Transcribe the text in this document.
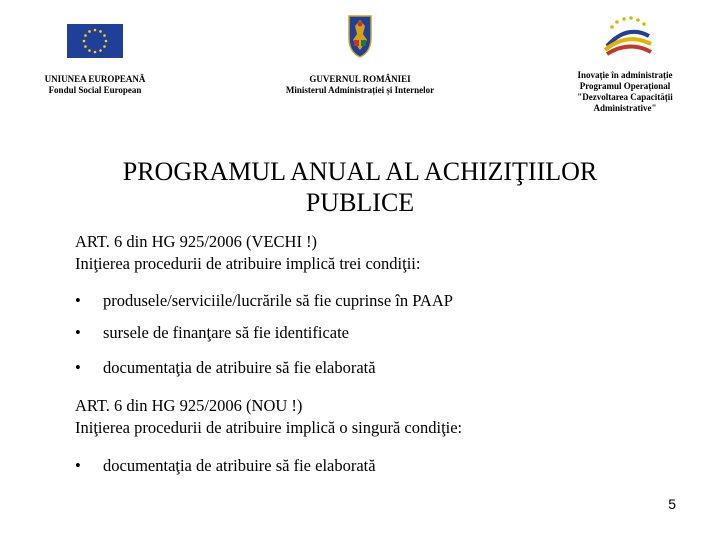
UNIUNEA EUROPEANĂ
Fondul Social European
GUVERNUL ROMÂNIEI
Ministerul Administrației și Internelor
Inovație în administrație
Programul Operațional
"Dezvoltarea Capacității
Administrative"
PROGRAMUL ANUAL AL ACHIZIŢIILOR
PUBLICE
ART. 6 din HG 925/2006 (VECHI !)
Iniţierea procedurii de atribuire implică trei condiţii:
•	produsele/serviciile/lucrările să fie cuprinse în PAAP
•	sursele de finanţare să fie identificate
•	documentaţia de atribuire să fie elaborată
ART. 6 din HG 925/2006 (NOU !)
Iniţierea procedurii de atribuire implică o singură condiţie:
•	documentaţia de atribuire să fie elaborată
5
